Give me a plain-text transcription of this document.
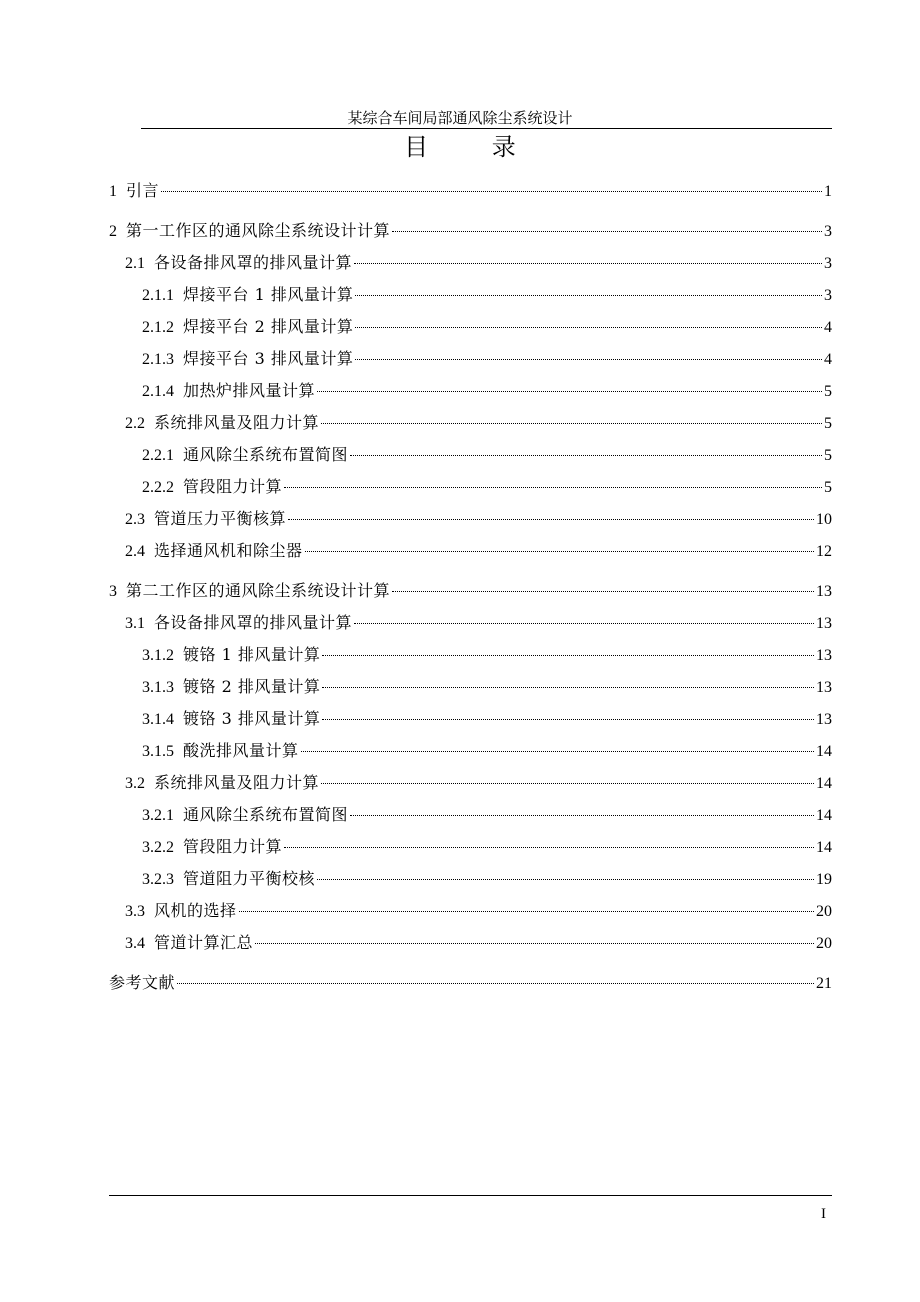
某综合车间局部通风除尘系统设计
目 录
1 引言	1
2 第一工作区的通风除尘系统设计计算	3
2.1 各设备排风罩的排风量计算	3
2.1.1 焊接平台 1 排风量计算	3
2.1.2 焊接平台 2 排风量计算	4
2.1.3 焊接平台 3 排风量计算	4
2.1.4 加热炉排风量计算	5
2.2 系统排风量及阻力计算	5
2.2.1 通风除尘系统布置简图	5
2.2.2 管段阻力计算	5
2.3 管道压力平衡核算	10
2.4 选择通风机和除尘器	12
3 第二工作区的通风除尘系统设计计算	13
3.1 各设备排风罩的排风量计算	13
3.1.2 镀铬 1 排风量计算	13
3.1.3 镀铬 2 排风量计算	13
3.1.4 镀铬 3 排风量计算	13
3.1.5 酸洗排风量计算	14
3.2 系统排风量及阻力计算	14
3.2.1 通风除尘系统布置简图	14
3.2.2 管段阻力计算	14
3.2.3 管道阻力平衡校核	19
3.3 风机的选择	20
3.4 管道计算汇总	20
参考文献	21
I
